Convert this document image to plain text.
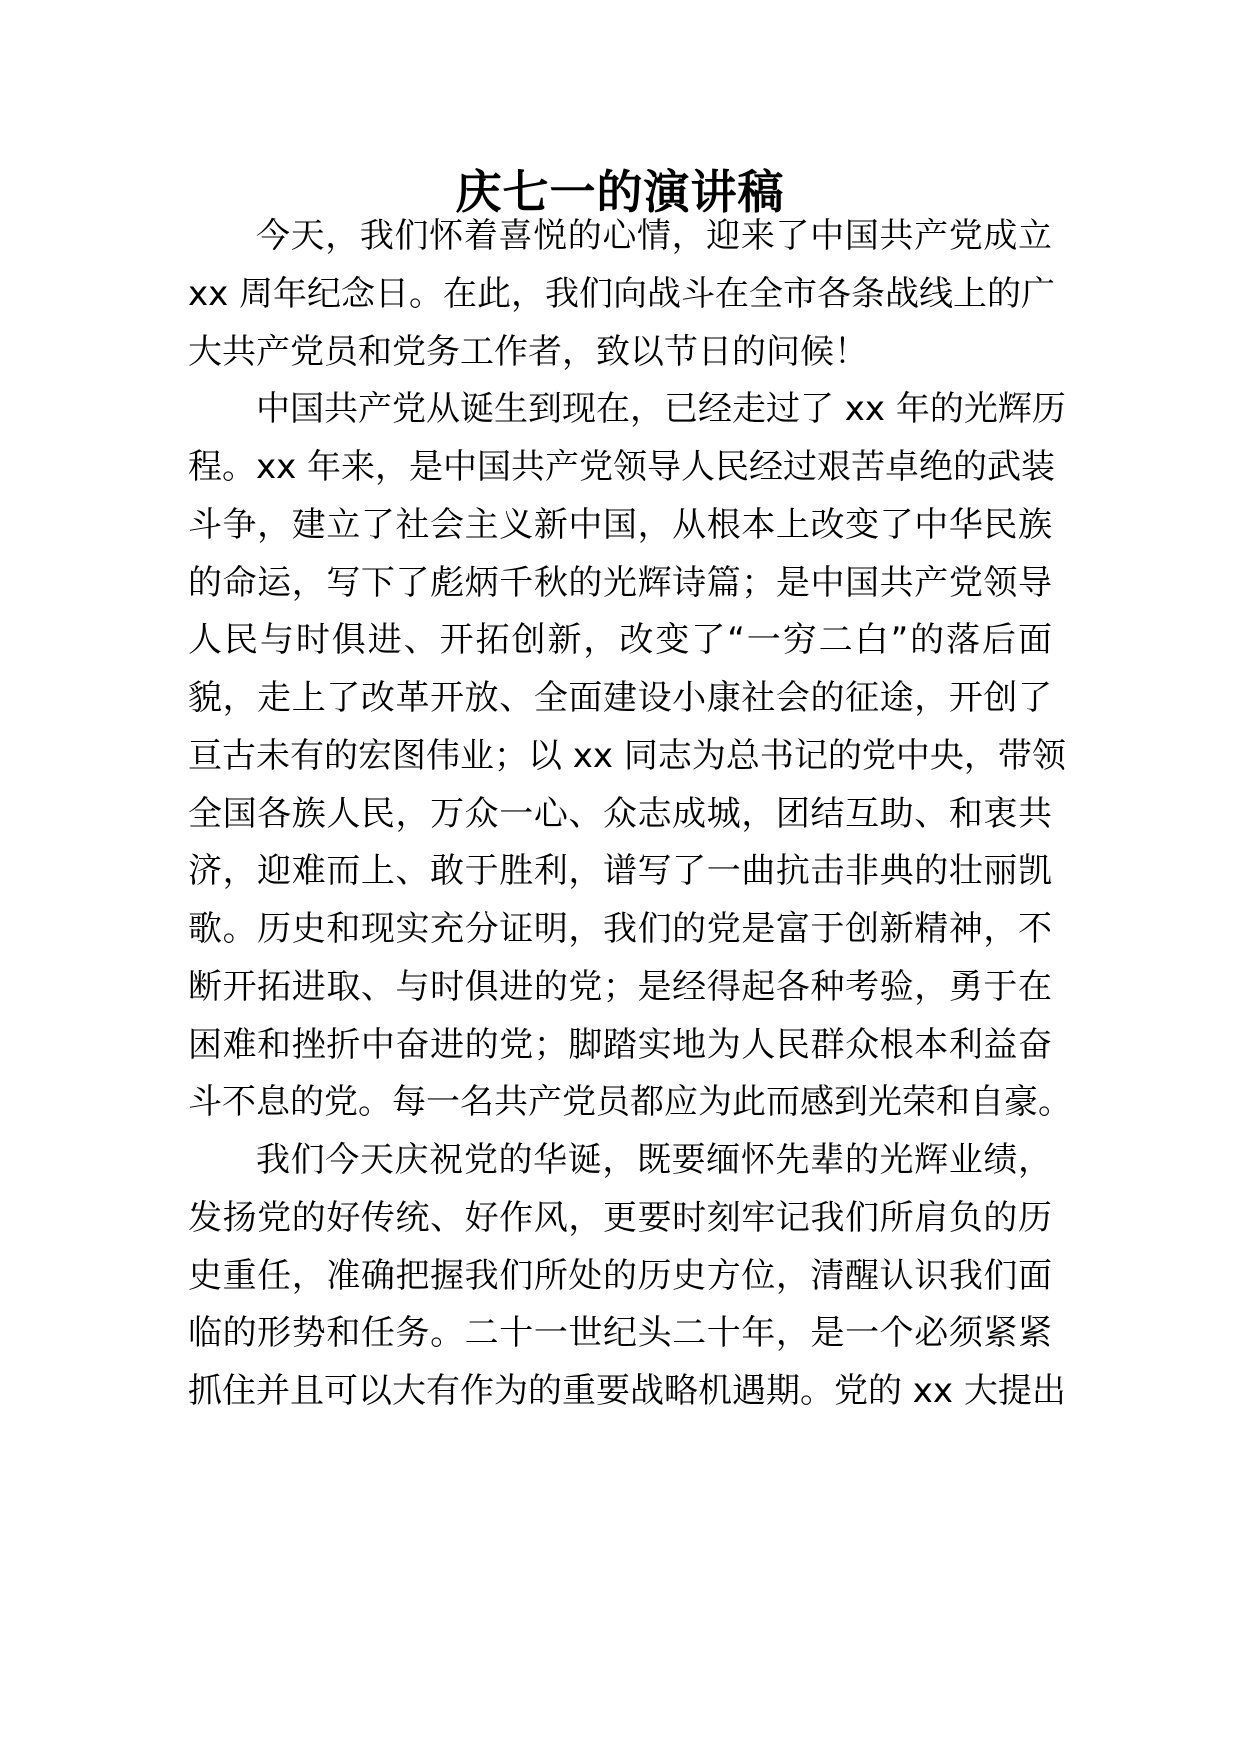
庆七一的演讲稿
今天，我们怀着喜悦的心情，迎来了中国共产党成立
xx 周年纪念日。在此，我们向战斗在全市各条战线上的广
大共产党员和党务工作者，致以节日的问候！
中国共产党从诞生到现在，已经走过了 xx 年的光辉历
程。xx 年来，是中国共产党领导人民经过艰苦卓绝的武装
斗争，建立了社会主义新中国，从根本上改变了中华民族
的命运，写下了彪炳千秋的光辉诗篇；是中国共产党领导
人民与时俱进、开拓创新，改变了“一穷二白”的落后面
貌，走上了改革开放、全面建设小康社会的征途，开创了
亘古未有的宏图伟业；以 xx 同志为总书记的党中央，带领
全国各族人民，万众一心、众志成城，团结互助、和衷共
济，迎难而上、敢于胜利，谱写了一曲抗击非典的壮丽凯
歌。历史和现实充分证明，我们的党是富于创新精神，不
断开拓进取、与时俱进的党；是经得起各种考验，勇于在
困难和挫折中奋进的党；脚踏实地为人民群众根本利益奋
斗不息的党。每一名共产党员都应为此而感到光荣和自豪。
我们今天庆祝党的华诞，既要缅怀先辈的光辉业绩，
发扬党的好传统、好作风，更要时刻牢记我们所肩负的历
史重任，准确把握我们所处的历史方位，清醒认识我们面
临的形势和任务。二十一世纪头二十年，是一个必须紧紧
抓住并且可以大有作为的重要战略机遇期。党的 xx 大提出
